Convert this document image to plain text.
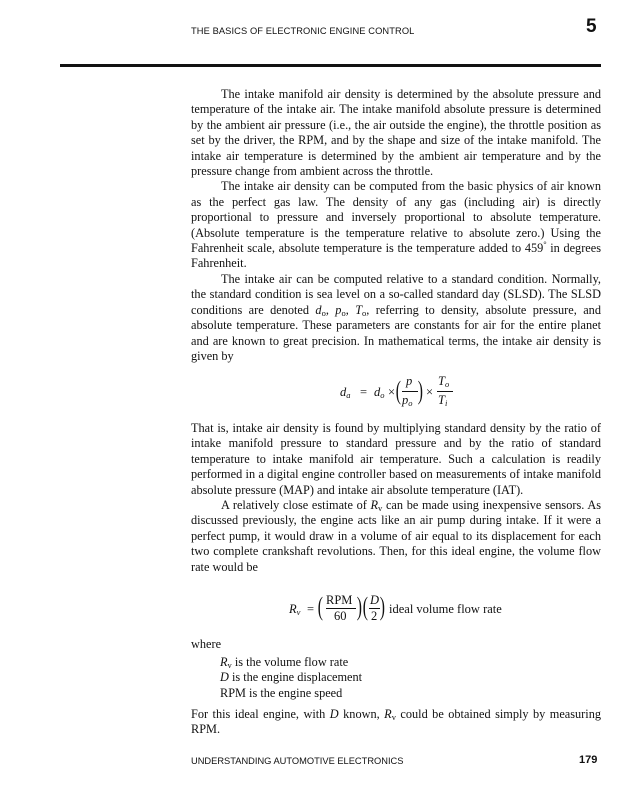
THE BASICS OF ELECTRONIC ENGINE CONTROL	5

The intake manifold air density is determined by the absolute pressure and temperature of the intake air. The intake manifold absolute pressure is determined by the ambient air pressure (i.e., the air outside the engine), the throttle position as set by the driver, the RPM, and by the shape and size of the intake manifold. The intake air temperature is determined by the ambient air temperature and by the pressure change from ambient across the throttle.

The intake air density can be computed from the basic physics of air known as the perfect gas law. The density of any gas (including air) is directly proportional to pressure and inversely proportional to absolute temperature. (Absolute temperature is the temperature relative to absolute zero.) Using the Fahrenheit scale, absolute temperature is the temperature added to 459° in degrees Fahrenheit.

The intake air can be computed relative to a standard condition. Normally, the standard condition is sea level on a so-called standard day (SLSD). The SLSD conditions are denoted $d_o$, $p_o$, $T_o$, referring to density, absolute pressure, and absolute temperature. These parameters are constants for air for the entire planet and are known to great precision. In mathematical terms, the intake air density is given by

$d_a = d_o$ × ( p
$p_o$ ) ×
$T_o$
$T_i$

That is, intake air density is found by multiplying standard density by the ratio of intake manifold pressure to standard pressure and by the ratio of standard temperature to intake manifold air temperature. Such a calculation is readily performed in a digital engine controller based on measurements of intake manifold absolute pressure (MAP) and intake air absolute temperature (IAT).

A relatively close estimate of $R_v$ can be made using inexpensive sensors. As discussed previously, the engine acts like an air pump during intake. If it were a perfect pump, it would draw in a volume of air equal to its displacement for each two complete crankshaft revolutions. Then, for this ideal engine, the volume flow rate would be

$R_v$ = ( RPM
60 ) ( D
2 ) ideal volume flow rate

where

$R_v$ is the volume flow rate
D is the engine displacement
RPM is the engine speed

For this ideal engine, with D known, $R_v$ could be obtained simply by measuring RPM.

UNDERSTANDING AUTOMOTIVE ELECTRONICS	179
